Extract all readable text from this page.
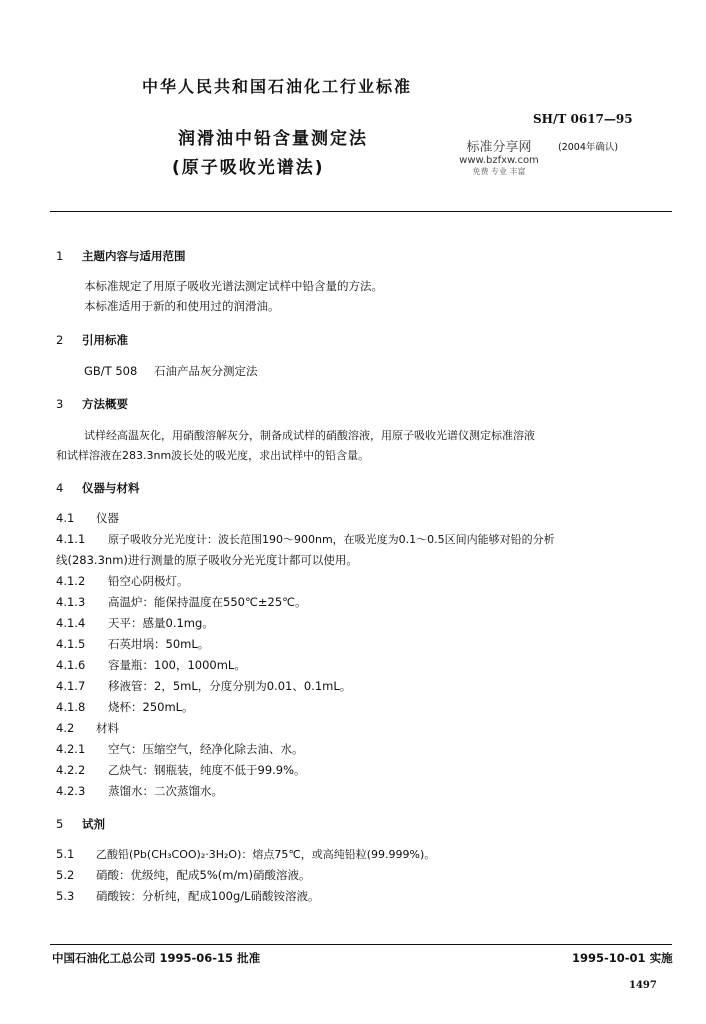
中华人民共和国石油化工行业标准
SH/T 0617—95
润滑油中铅含量测定法
(原子吸收光谱法)
标准分享网
www.bzfxw.com
免费 专业 丰富
(2004年确认)
1 主题内容与适用范围
本标准规定了用原子吸收光谱法测定试样中铅含量的方法。
本标准适用于新的和使用过的润滑油。
2 引用标准
GB/T 508 石油产品灰分测定法
3 方法概要
试样经高温灰化，用硝酸溶解灰分，制备成试样的硝酸溶液，用原子吸收光谱仪测定标准溶液
和试样溶液在283.3nm波长处的吸光度，求出试样中的铅含量。
4 仪器与材料
4.1 仪器
4.1.1 原子吸收分光光度计：波长范围190～900nm，在吸光度为0.1～0.5区间内能够对铅的分析
线(283.3nm)进行测量的原子吸收分光光度计都可以使用。
4.1.2 铅空心阴极灯。
4.1.3 高温炉：能保持温度在550℃±25℃。
4.1.4 天平：感量0.1mg。
4.1.5 石英坩埚：50mL。
4.1.6 容量瓶：100，1000mL。
4.1.7 移液管：2，5mL，分度分别为0.01、0.1mL。
4.1.8 烧杯：250mL。
4.2 材料
4.2.1 空气：压缩空气，经净化除去油、水。
4.2.2 乙炔气：钢瓶装，纯度不低于99.9%。
4.2.3 蒸馏水：二次蒸馏水。
5 试剂
5.1 乙酸铅(Pb(CH₃COO)₂·3H₂O)：熔点75℃，或高纯铅粒(99.999%)。
5.2 硝酸：优级纯，配成5%(m/m)硝酸溶液。
5.3 硝酸铵：分析纯，配成100g/L硝酸铵溶液。
中国石油化工总公司 1995-06-15 批准	1995-10-01 实施
1497
